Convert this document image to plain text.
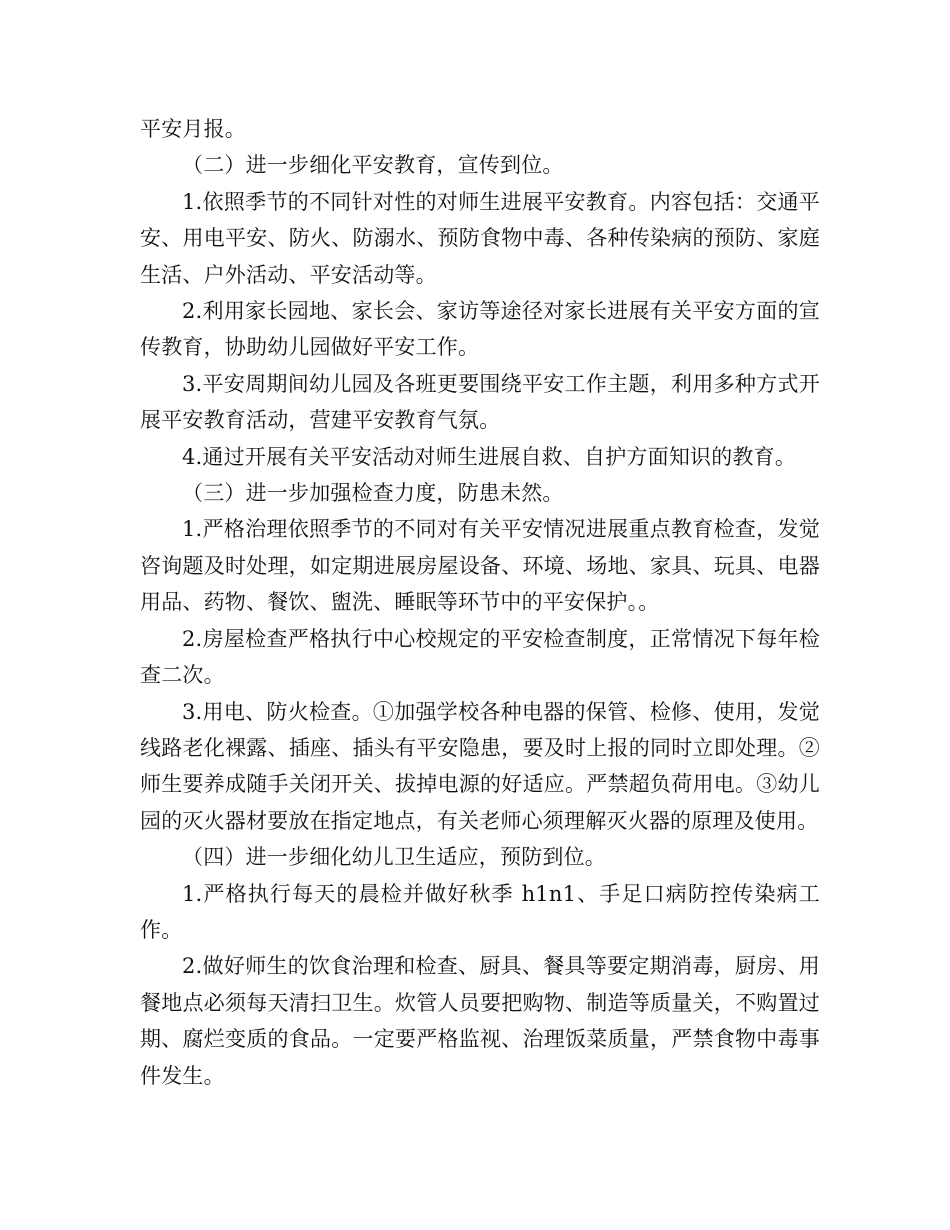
平安月报。

（二）进一步细化平安教育，宣传到位。

1.依照季节的不同针对性的对师生进展平安教育。内容包括：交通平安、用电平安、防火、防溺水、预防食物中毒、各种传染病的预防、家庭生活、户外活动、平安活动等。

2.利用家长园地、家长会、家访等途径对家长进展有关平安方面的宣传教育，协助幼儿园做好平安工作。

3.平安周期间幼儿园及各班更要围绕平安工作主题，利用多种方式开展平安教育活动，营建平安教育气氛。

4.通过开展有关平安活动对师生进展自救、自护方面知识的教育。

（三）进一步加强检查力度，防患未然。

1.严格治理依照季节的不同对有关平安情况进展重点教育检查，发觉咨询题及时处理，如定期进展房屋设备、环境、场地、家具、玩具、电器用品、药物、餐饮、盥洗、睡眠等环节中的平安保护。。

2.房屋检查严格执行中心校规定的平安检查制度，正常情况下每年检查二次。

3.用电、防火检查。①加强学校各种电器的保管、检修、使用，发觉线路老化裸露、插座、插头有平安隐患，要及时上报的同时立即处理。②师生要养成随手关闭开关、拔掉电源的好适应。严禁超负荷用电。③幼儿园的灭火器材要放在指定地点，有关老师心须理解灭火器的原理及使用。

（四）进一步细化幼儿卫生适应，预防到位。

1.严格执行每天的晨检并做好秋季 h1n1、手足口病防控传染病工作。

2.做好师生的饮食治理和检查、厨具、餐具等要定期消毒，厨房、用餐地点必须每天清扫卫生。炊管人员要把购物、制造等质量关，不购置过期、腐烂变质的食品。一定要严格监视、治理饭菜质量，严禁食物中毒事件发生。
